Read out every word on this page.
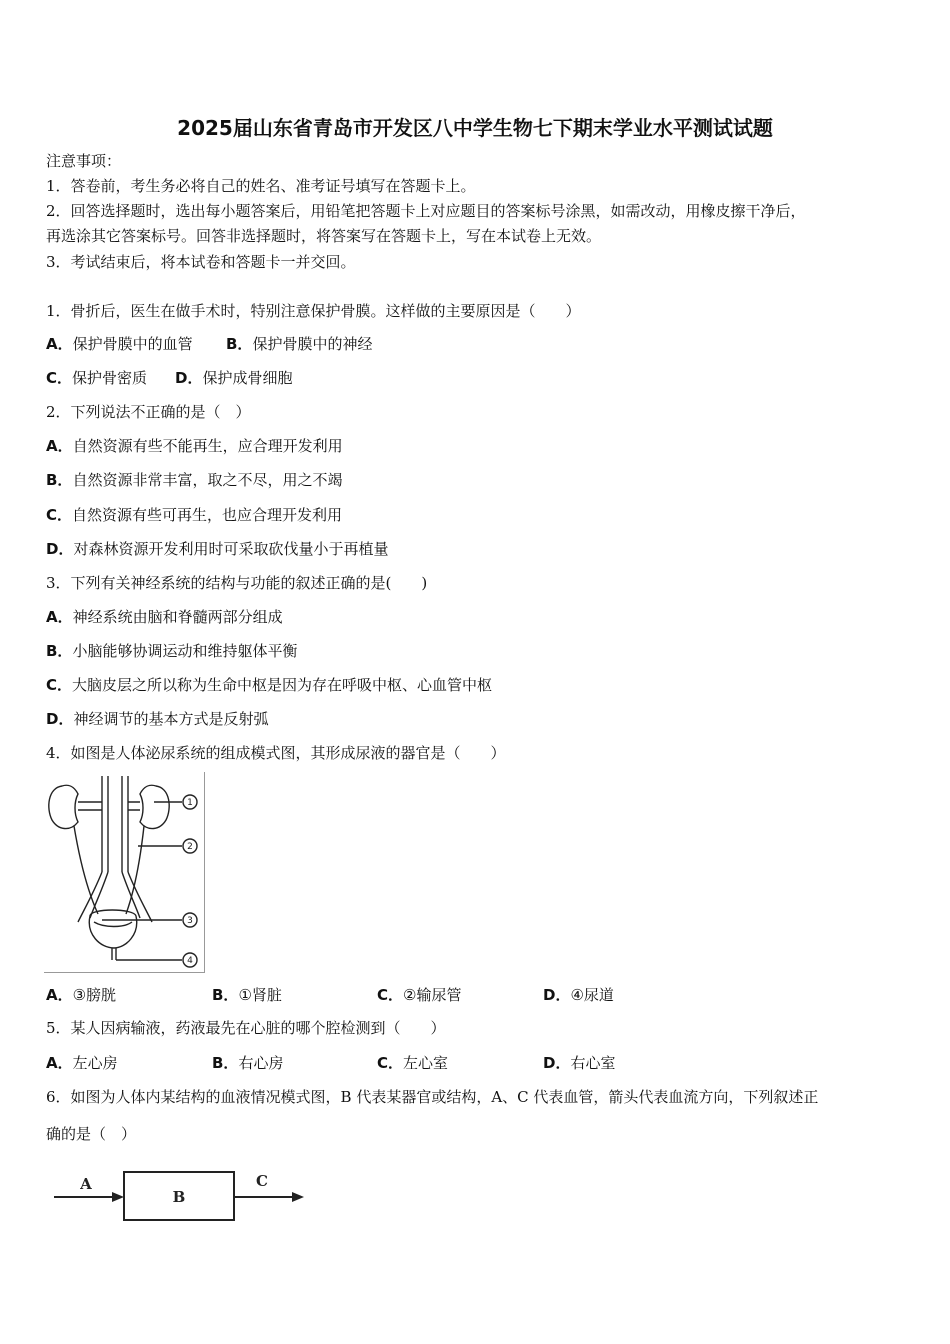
2025届山东省青岛市开发区八中学生物七下期末学业水平测试试题
注意事项：
1．答卷前，考生务必将自己的姓名、准考证号填写在答题卡上。
2．回答选择题时，选出每小题答案后，用铅笔把答题卡上对应题目的答案标号涂黑，如需改动，用橡皮擦干净后，
再选涂其它答案标号。回答非选择题时，将答案写在答题卡上，写在本试卷上无效。
3．考试结束后，将本试卷和答题卡一并交回。
1．骨折后，医生在做手术时，特别注意保护骨膜。这样做的主要原因是（　　）
A．保护骨膜中的血管 B．保护骨膜中的神经
C．保护骨密质 D．保护成骨细胞
2．下列说法不正确的是（　）
A．自然资源有些不能再生，应合理开发利用
B．自然资源非常丰富，取之不尽，用之不竭
C．自然资源有些可再生，也应合理开发利用
D．对森林资源开发利用时可采取砍伐量小于再植量
3．下列有关神经系统的结构与功能的叙述正确的是(　　)
A．神经系统由脑和脊髓两部分组成
B．小脑能够协调运动和维持躯体平衡
C．大脑皮层之所以称为生命中枢是因为存在呼吸中枢、心血管中枢
D．神经调节的基本方式是反射弧
4．如图是人体泌尿系统的组成模式图，其形成尿液的器官是（　　）
1
2
3
4
A．③膀胱	B．①肾脏	C．②输尿管	D．④尿道
5．某人因病输液，药液最先在心脏的哪个腔检测到（　　）
A．左心房	B．右心房	C．左心室	D．右心室
6．如图为人体内某结构的血液情况模式图，B 代表某器官或结构，A、C 代表血管，箭头代表血流方向，下列叙述正
确的是（　）
A
B
C
